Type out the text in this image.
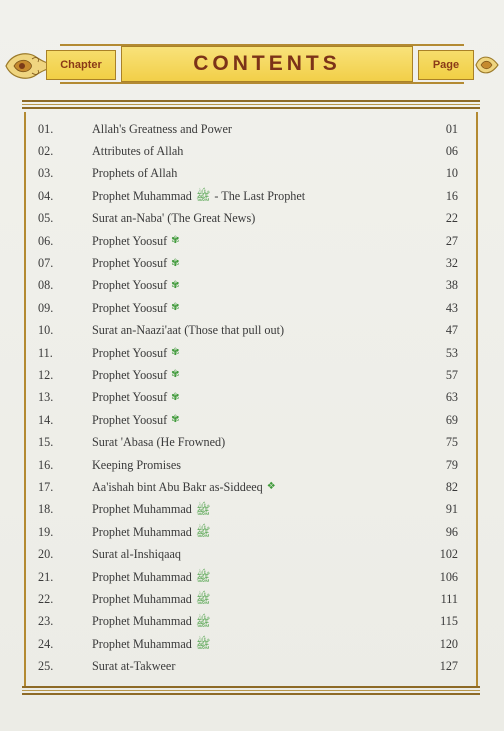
Chapter	CONTENTS	Page
01.	Allah's Greatness and Power	01
02.	Attributes of Allah	06
03.	Prophets of Allah	10
04.	Prophet Muhammad ﷺ - The Last Prophet	16
05.	Surat an-Naba' (The Great News)	22
06.	Prophet Yoosuf ✾	27
07.	Prophet Yoosuf ✾	32
08.	Prophet Yoosuf ✾	38
09.	Prophet Yoosuf ✾	43
10.	Surat an-Naazi'aat (Those that pull out)	47
11.	Prophet Yoosuf ✾	53
12.	Prophet Yoosuf ✾	57
13.	Prophet Yoosuf ✾	63
14.	Prophet Yoosuf ✾	69
15.	Surat 'Abasa (He Frowned)	75
16.	Keeping Promises	79
17.	Aa'ishah bint Abu Bakr as-Siddeeq ❖	82
18.	Prophet Muhammad ﷺ	91
19.	Prophet Muhammad ﷺ	96
20.	Surat al-Inshiqaaq	102
21.	Prophet Muhammad ﷺ	106
22.	Prophet Muhammad ﷺ	111
23.	Prophet Muhammad ﷺ	115
24.	Prophet Muhammad ﷺ	120
25.	Surat at-Takweer	127
